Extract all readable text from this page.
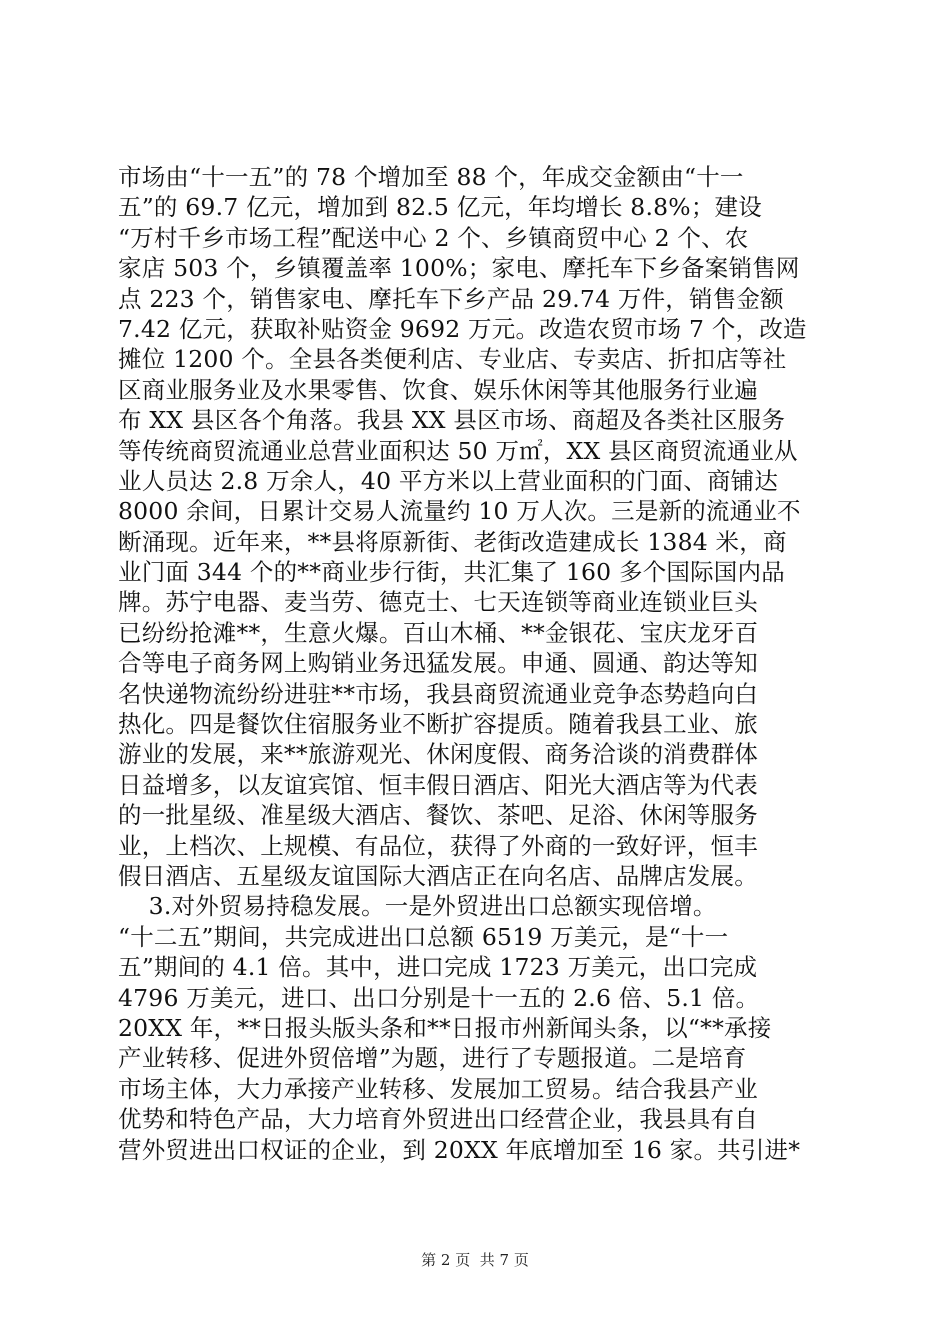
市场由“十一五”的 78 个增加至 88 个，年成交金额由“十一
五”的 69.7 亿元，增加到 82.5 亿元，年均增长 8.8%；建设
“万村千乡市场工程”配送中心 2 个、乡镇商贸中心 2 个、农
家店 503 个，乡镇覆盖率 100%；家电、摩托车下乡备案销售网
点 223 个，销售家电、摩托车下乡产品 29.74 万件，销售金额
7.42 亿元，获取补贴资金 9692 万元。改造农贸市场 7 个，改造
摊位 1200 个。全县各类便利店、专业店、专卖店、折扣店等社
区商业服务业及水果零售、饮食、娱乐休闲等其他服务行业遍
布 XX 县区各个角落。我县 XX 县区市场、商超及各类社区服务
等传统商贸流通业总营业面积达 50 万㎡，XX 县区商贸流通业从
业人员达 2.8 万余人，40 平方米以上营业面积的门面、商铺达
8000 余间，日累计交易人流量约 10 万人次。三是新的流通业不
断涌现。近年来，**县将原新街、老街改造建成长 1384 米，商
业门面 344 个的**商业步行街，共汇集了 160 多个国际国内品
牌。苏宁电器、麦当劳、德克士、七天连锁等商业连锁业巨头
已纷纷抢滩**，生意火爆。百山木桶、**金银花、宝庆龙牙百
合等电子商务网上购销业务迅猛发展。申通、圆通、韵达等知
名快递物流纷纷进驻**市场，我县商贸流通业竞争态势趋向白
热化。四是餐饮住宿服务业不断扩容提质。随着我县工业、旅
游业的发展，来**旅游观光、休闲度假、商务洽谈的消费群体
日益增多，以友谊宾馆、恒丰假日酒店、阳光大酒店等为代表
的一批星级、准星级大酒店、餐饮、茶吧、足浴、休闲等服务
业，上档次、上规模、有品位，获得了外商的一致好评，恒丰
假日酒店、五星级友谊国际大酒店正在向名店、品牌店发展。
3.对外贸易持稳发展。一是外贸进出口总额实现倍增。
“十二五”期间，共完成进出口总额 6519 万美元，是“十一
五”期间的 4.1 倍。其中，进口完成 1723 万美元，出口完成
4796 万美元，进口、出口分别是十一五的 2.6 倍、5.1 倍。
20XX 年，**日报头版头条和**日报市州新闻头条，以“**承接
产业转移、促进外贸倍增”为题，进行了专题报道。二是培育
市场主体，大力承接产业转移、发展加工贸易。结合我县产业
优势和特色产品，大力培育外贸进出口经营企业，我县具有自
营外贸进出口权证的企业，到 20XX 年底增加至 16 家。共引进*
第 2 页  共 7 页
